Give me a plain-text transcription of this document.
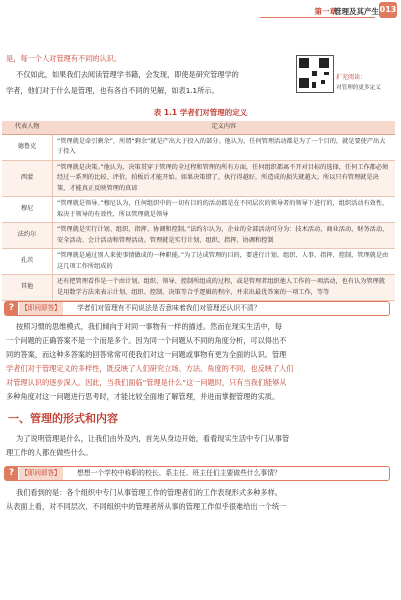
第一章
管理及其产生 013
是，每一个人对管理有不同的认识。
不仅如此，如果我们去阅读管理学书籍，会发现，即使是研究管理学的
学者，他们对于什么是管理，也有各自不同的见解，如表1.1所示。
扩充阅读：
对管理的更多定义
表 1.1 学者们对管理的定义
代表人物	定义内容
德鲁克	“管理就是牵引剩余”，所谓“剩余”就是产出大于投入的部分。他认为，任何管理活动都是为了一个目的，就是要使产出大于投入
西蒙	“管理就是决策。”他认为，决策贯穿于管理的全过程和管理的所有方面，任何组织都离不开对目标的选择，任何工作都必须经过一系列的比较、评价，拍板后才能开始。如果决策错了，执行得越好，所造成的损失就越大。所以只有管理就是决策，才能真正反映管理的真谛
穆尼	“管理就是领导。”穆尼认为，任何组织中的一切有目的的活动都是在不同层次的领导者的领导下进行的，组织活动有效性，取决于领导的有效性，所以管理就是领导
法约尔	“管理就是实行计划、组织、指挥、协调和控制。”法约尔认为，企业的全部活动可分为：技术活动、商业活动、财务活动、安全活动、会计活动和管理活动。管理就是实行计划、组织、指挥、协调和控制
孔茨	“管理就是通过别人来使事情做成的一种职能。”为了达成管理的目的，要进行计划、组织、人事、指挥、控制，管理就是由这几项工作所组成的
其他	还有把管理看作是一个由计划、组织、领导、控制所组成的过程，或是管理者组织他人工作的一项活动，也有认为管理就是用数学方法来表示计划、组织、控制、决策等合乎逻辑的程序，并求出最优答案的一项工作，等等
?	【即问即答】	学者们对管理有不同说法是否意味着我们对管理还认识不清？
按照习惯的思维模式，我们倾向于对同一事物有一样的描述。然而在现实生活中，每
一个问题的正确答案不是一个而是多个。因为同一个问题从不同的角度分析，可以得出不
同的答案，而这种多答案的回答常常可使我们对这一问题或事物有更为全面的认识。管理
学者们对于管理定义的多样性，既反映了人们研究立场、方法、角度的不同，也反映了人们
对管理认识的逐步深入。因此，当我们面临“管理是什么”这一问题时，只有当我们能够从
多种角度对这一问题进行思考时，才能比较全面地了解管理，并进而掌握管理的实质。
一、管理的形式和内容
为了说明管理是什么，让我们由外及内，首先从身边开始，看看现实生活中专门从事管
理工作的人都在做些什么。
?	【即问即答】	想想一个学校中称职的校长、系主任、班主任们主要做些什么事情？
我们看到的是：各个组织中专门从事管理工作的管理者们的工作表现形式多种多样。
从表面上看，对不同层次、不同组织中的管理者所从事的管理工作似乎很难给出一个统一
